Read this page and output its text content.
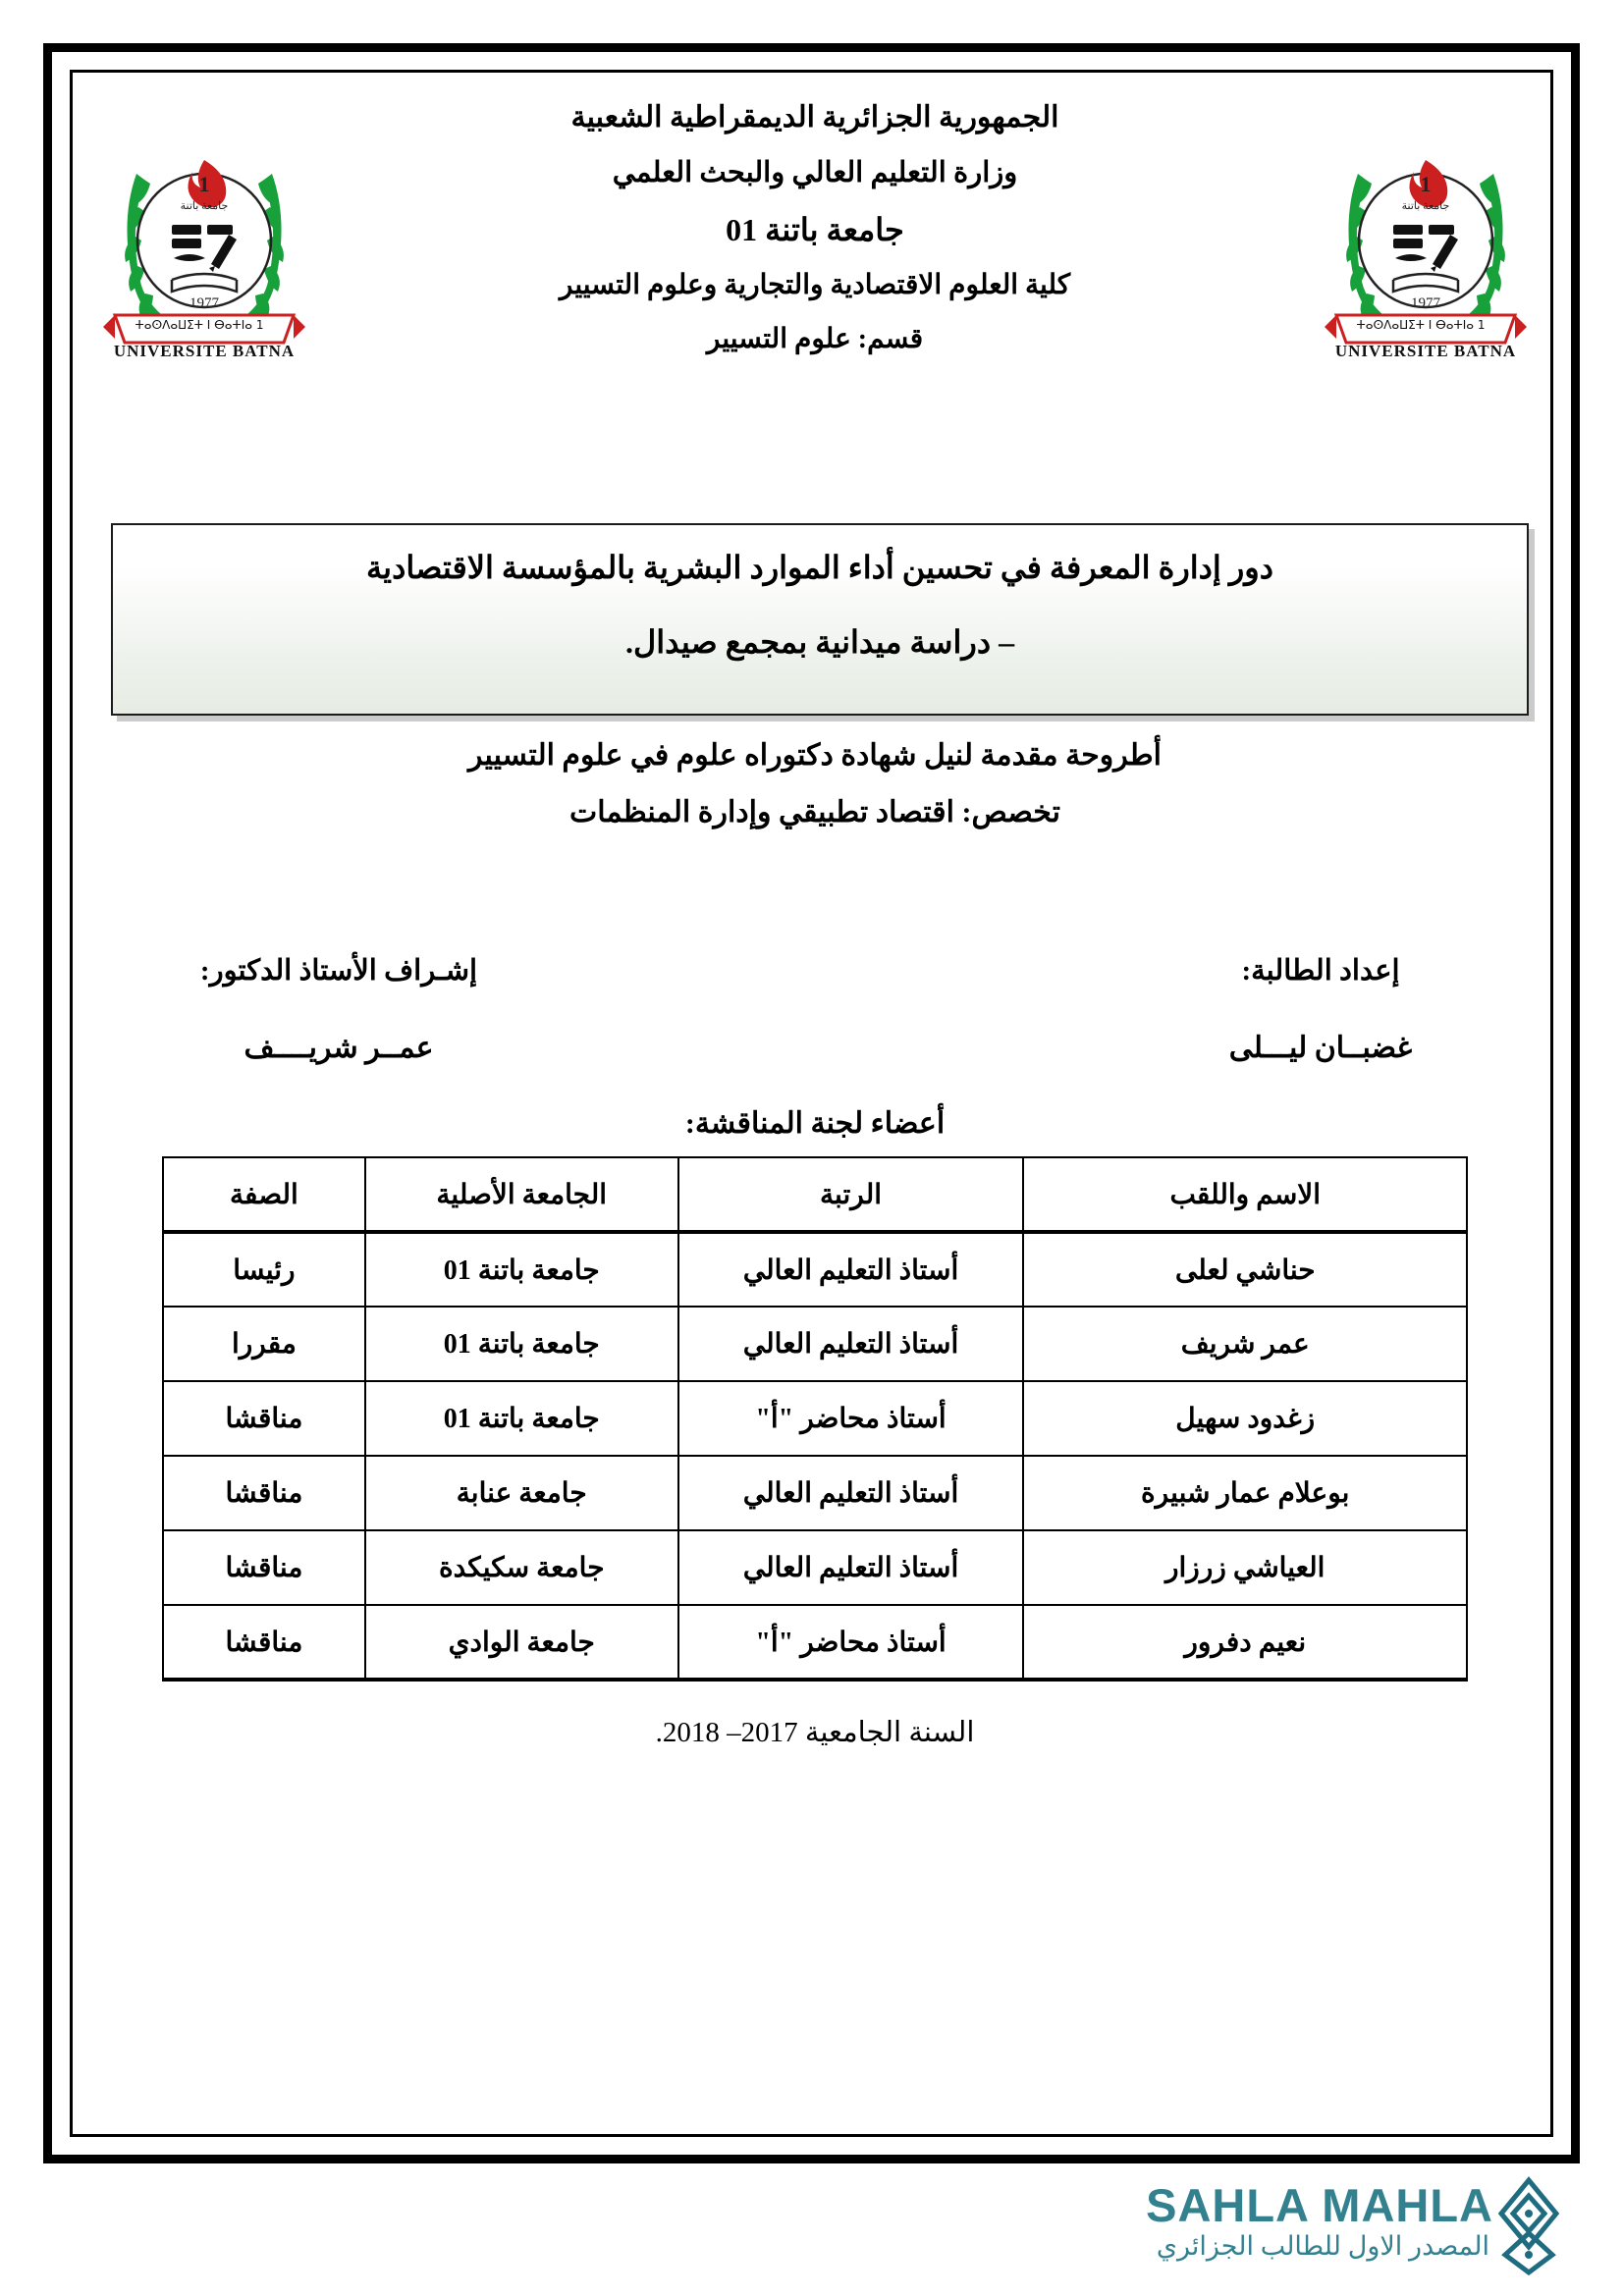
1
جامعة باتنة
1977
ⵜⴰⵙⴷⴰⵡⵉⵜ ⵏ ⴱⴰⵜⵏⴰ 1
UNIVERSITE BATNA
1
جامعة باتنة
1977
ⵜⴰⵙⴷⴰⵡⵉⵜ ⵏ ⴱⴰⵜⵏⴰ 1
UNIVERSITE BATNA
الجمهورية الجزائرية الديمقراطية الشعبية
وزارة التعليم العالي والبحث العلمي
جامعة باتنة 01
كلية العلوم الاقتصادية والتجارية وعلوم التسيير
قسم: علوم التسيير
دور إدارة المعرفة في تحسين أداء الموارد البشرية بالمؤسسة الاقتصادية
– دراسة ميدانية بمجمع صيدال.
أطروحة مقدمة لنيل شهادة دكتوراه علوم في علوم التسيير
تخصص: اقتصاد تطبيقي وإدارة المنظمات
إعداد الطالبة:
غضبــان ليـــلى
إشـراف الأستاذ الدكتور:
عمــر شريــــف
أعضاء لجنة المناقشة:
الاسم واللقب	الرتبة	الجامعة الأصلية	الصفة
حناشي لعلى	أستاذ التعليم العالي	جامعة باتنة 01	رئيسا
عمر شريف	أستاذ التعليم العالي	جامعة باتنة 01	مقررا
زغدود سهيل	أستاذ محاضر "أ"	جامعة باتنة 01	مناقشا
بوعلام عمار شبيرة	أستاذ التعليم العالي	جامعة عنابة	مناقشا
العياشي زرزار	أستاذ التعليم العالي	جامعة سكيكدة	مناقشا
نعيم دفرور	أستاذ محاضر "أ"	جامعة الوادي	مناقشا
السنة الجامعية 2017– 2018.
SAHLA MAHLA
المصدر الاول للطالب الجزائري
